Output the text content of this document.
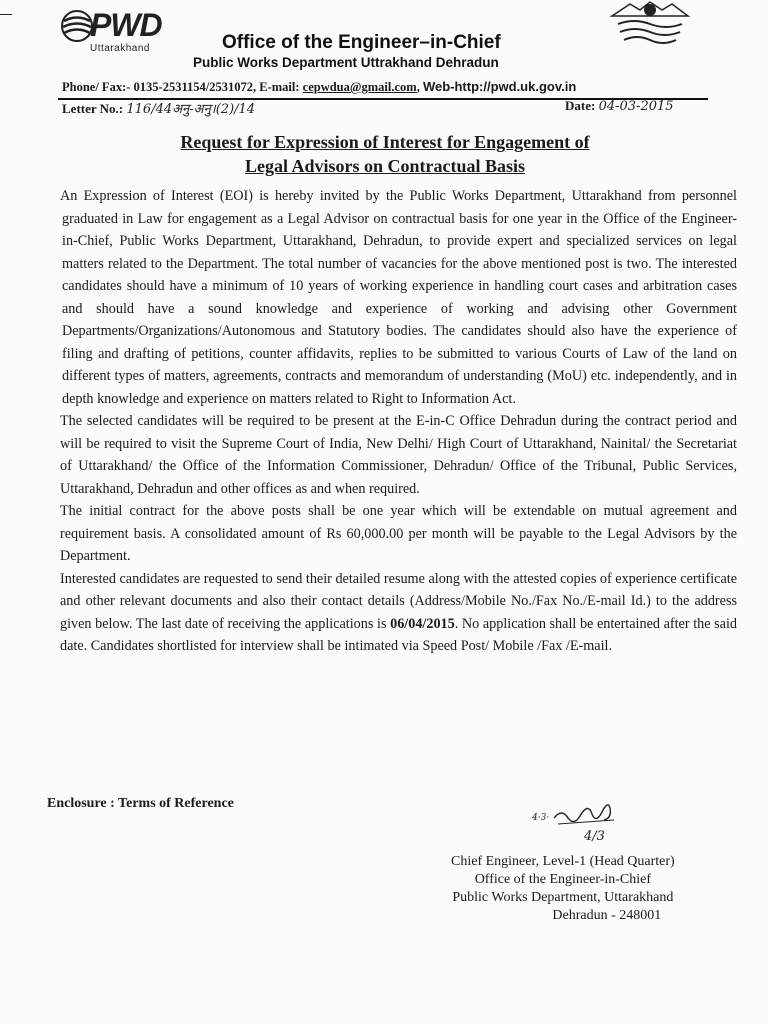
PWD
Uttarakhand	Office of the Engineer–in-Chief
Public Works Department Uttrakhand Dehradun
Phone/ Fax:- 0135-2531154/2531072, E-mail: cepwdua@gmail.com, Web-http://pwd.uk.gov.in
Letter No.: 116/44अनु-अनु।(2)/14	Date: 04-03-2015
Request for Expression of Interest for Engagement of
Legal Advisors on Contractual Basis

An Expression of Interest (EOI) is hereby invited by the Public Works Department, Uttarakhand from personnel graduated in Law for engagement as a Legal Advisor on contractual basis for one year in the Office of the Engineer-in-Chief, Public Works Department, Uttarakhand, Dehradun, to provide expert and specialized services on legal matters related to the Department. The total number of vacancies for the above mentioned post is two. The interested candidates should have a minimum of 10 years of working experience in handling court cases and arbitration cases and should have a sound knowledge and experience of working and advising other Government Departments/Organizations/Autonomous and Statutory bodies. The candidates should also have the experience of filing and drafting of petitions, counter affidavits, replies to be submitted to various Courts of Law of the land on different types of matters, agreements, contracts and memorandum of understanding (MoU) etc. independently, and in depth knowledge and experience on matters related to Right to Information Act.

The selected candidates will be required to be present at the E-in-C Office Dehradun during the contract period and will be required to visit the Supreme Court of India, New Delhi/ High Court of Uttarakhand, Nainital/ the Secretariat of Uttarakhand/ the Office of the Information Commissioner, Dehradun/ Office of the Tribunal, Public Services, Uttarakhand, Dehradun and other offices as and when required.

The initial contract for the above posts shall be one year which will be extendable on mutual agreement and requirement basis. A consolidated amount of Rs 60,000.00 per month will be payable to the Legal Advisors by the Department.

Interested candidates are requested to send their detailed resume along with the attested copies of experience certificate and other relevant documents and also their contact details (Address/Mobile No./Fax No./E-mail Id.) to the address given below. The last date of receiving the applications is 06/04/2015. No application shall be entertained after the said date. Candidates shortlisted for interview shall be intimated via Speed Post/ Mobile /Fax /E-mail.

Enclosure : Terms of Reference
4·3·
4/3
Chief Engineer, Level-1 (Head Quarter)
Office of the Engineer-in-Chief
Public Works Department, Uttarakhand
Dehradun - 248001
